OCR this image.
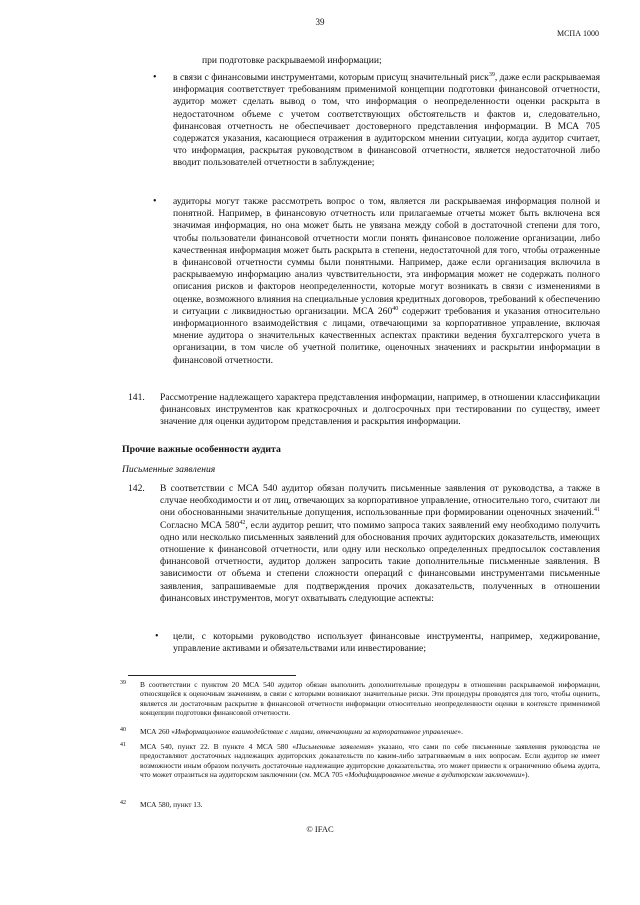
39
МСПА 1000
при подготовке раскрываемой информации;
• в связи с финансовыми инструментами, которым присущ значительный риск$^{39}$, даже если раскрываемая информация соответствует требованиям применимой концепции подготовки финансовой отчетности, аудитор может сделать вывод о том, что информация о неопределенности оценки раскрыта в недостаточном объеме с учетом соответствующих обстоятельств и фактов и, следовательно, финансовая отчетность не обеспечивает достоверного представления информации. В МСА 705 содержатся указания, касающиеся отражения в аудиторском мнении ситуации, когда аудитор считает, что информация, раскрытая руководством в финансовой отчетности, является недостаточной либо вводит пользователей отчетности в заблуждение;
• аудиторы могут также рассмотреть вопрос о том, является ли раскрываемая информация полной и понятной. Например, в финансовую отчетность или прилагаемые отчеты может быть включена вся значимая информация, но она может быть не увязана между собой в достаточной степени для того, чтобы пользователи финансовой отчетности могли понять финансовое положение организации, либо качественная информация может быть раскрыта в степени, недостаточной для того, чтобы отраженные в финансовой отчетности суммы были понятными. Например, даже если организация включила в раскрываемую информацию анализ чувствительности, эта информация может не содержать полного описания рисков и факторов неопределенности, которые могут возникать в связи с изменениями в оценке, возможного влияния на специальные условия кредитных договоров, требований к обеспечению и ситуации с ликвидностью организации. МСА $260^{40}$ содержит требования и указания относительно информационного взаимодействия с лицами, отвечающими за корпоративное управление, включая мнение аудитора о значительных качественных аспектах практики ведения бухгалтерского учета в организации, в том числе об учетной политике, оценочных значениях и раскрытии информации в финансовой отчетности.
141. Рассмотрение надлежащего характера представления информации, например, в отношении классификации финансовых инструментов как краткосрочных и долгосрочных при тестировании по существу, имеет значение для оценки аудитором представления и раскрытия информации.
Прочие важные особенности аудита
Письменные заявления
142. В соответствии с МСА 540 аудитор обязан получить письменные заявления от руководства, а также в случае необходимости и от лиц, отвечающих за корпоративное управление, относительно того, считают ли они обоснованными значительные допущения, использованные при формировании оценочных значений.$^{41}$ Согласно МСА $580^{42}$, если аудитор решит, что помимо запроса таких заявлений ему необходимо получить одно или несколько письменных заявлений для обоснования прочих аудиторских доказательств, имеющих отношение к финансовой отчетности, или одну или несколько определенных предпосылок составления финансовой отчетности, аудитор должен запросить такие дополнительные письменные заявления. В зависимости от объема и степени сложности операций с финансовыми инструментами письменные заявления, запрашиваемые для подтверждения прочих доказательств, полученных в отношении финансовых инструментов, могут охватывать следующие аспекты:
• цели, с которыми руководство использует финансовые инструменты, например, хеджирование, управление активами и обязательствами или инвестирование;
39 В соответствии с пунктом 20 МСА 540 аудитор обязан выполнить дополнительные процедуры в отношении раскрываемой информации, относящейся к оценочным значениям, в связи с которыми возникают значительные риски. Эти процедуры проводятся для того, чтобы оценить, является ли достаточным раскрытие в финансовой отчетности информации относительно неопределенности оценки в контексте применимой концепции подготовки финансовой отчетности.
40 МСА 260 «Информационное взаимодействие с лицами, отвечающими за корпоративное управление».
41 МСА 540, пункт 22. В пункте 4 МСА 580 «Письменные заявления» указано, что сами по себе письменные заявления руководства не предоставляют достаточных надлежащих аудиторских доказательств по каким-либо затрагиваемым в них вопросам. Если аудитор не имеет возможности иным образом получить достаточные надлежащие аудиторские доказательства, это может привести к ограничению объема аудита, что может отразиться на аудиторском заключении (см. МСА 705 «Модифицированное мнение в аудиторском заключении»).
42 МСА 580, пункт 13.
© IFAC
